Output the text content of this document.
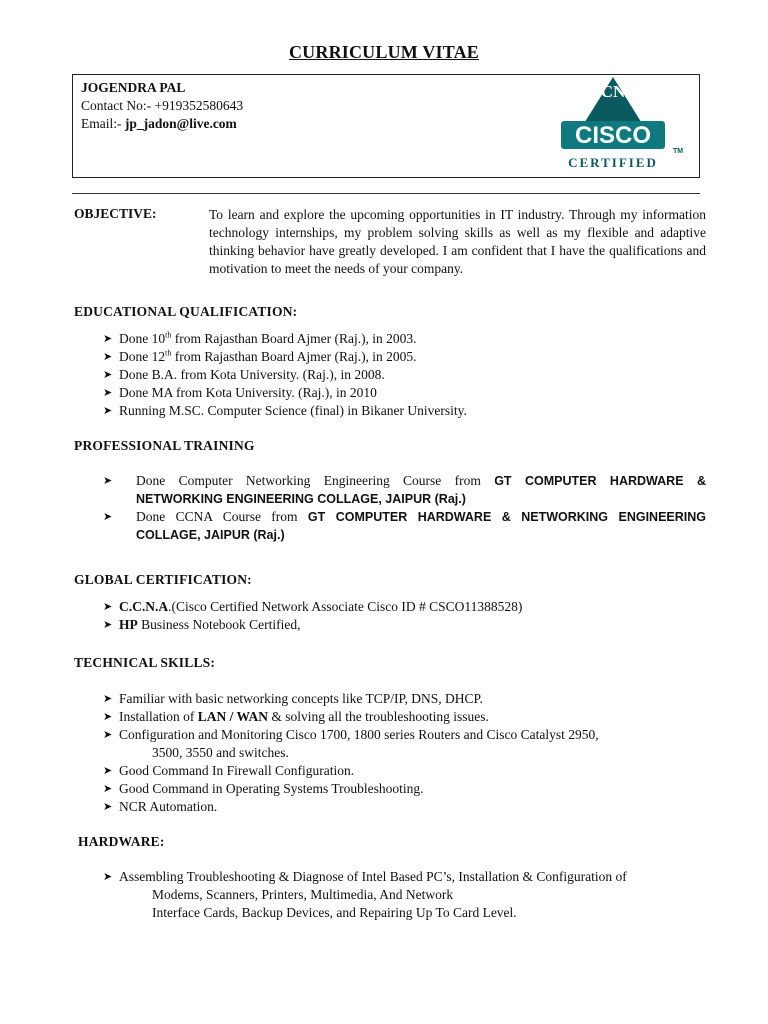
CURRICULUM VITAE
JOGENDRA PAL
Contact No:- +919352580643
Email:- jp_jadon@live.com
CCNA
CISCO
CERTIFIED
TM
OBJECTIVE:	To learn and explore the upcoming opportunities in IT industry. Through my information technology internships, my problem solving skills as well as my flexible and adaptive thinking behavior have greatly developed. I am confident that I have the qualifications and motivation to meet the needs of your company.
EDUCATIONAL QUALIFICATION:
➤ Done 10th from Rajasthan Board Ajmer (Raj.), in 2003.
➤ Done 12th from Rajasthan Board Ajmer (Raj.), in 2005.
➤ Done B.A. from Kota University. (Raj.), in 2008.
➤ Done MA from Kota University. (Raj.), in 2010
➤ Running M.SC. Computer Science (final) in Bikaner University.
PROFESSIONAL TRAINING
➤ Done Computer Networking Engineering Course from GT COMPUTER HARDWARE & NETWORKING ENGINEERING COLLAGE, JAIPUR (Raj.)
➤ Done CCNA Course from GT COMPUTER HARDWARE & NETWORKING ENGINEERING COLLAGE, JAIPUR (Raj.)
GLOBAL CERTIFICATION:
➤ C.C.N.A.(Cisco Certified Network Associate Cisco ID # CSCO11388528)
➤ HP Business Notebook Certified,
TECHNICAL SKILLS:
➤ Familiar with basic networking concepts like TCP/IP, DNS, DHCP.
➤ Installation of LAN / WAN & solving all the troubleshooting issues.
➤ Configuration and Monitoring Cisco 1700, 1800 series Routers and Cisco Catalyst 2950,
3500, 3550 and switches.
➤ Good Command In Firewall Configuration.
➤ Good Command in Operating Systems Troubleshooting.
➤ NCR Automation.
HARDWARE:
➤ Assembling Troubleshooting & Diagnose of Intel Based PC’s, Installation & Configuration of
Modems, Scanners, Printers, Multimedia, And Network
Interface Cards, Backup Devices, and Repairing Up To Card Level.
